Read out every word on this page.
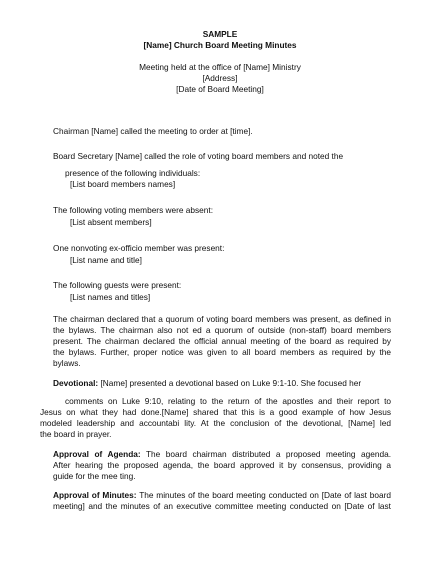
SAMPLE
[Name] Church Board Meeting Minutes
Meeting held at the office of [Name] Ministry
[Address]
[Date of Board Meeting]
Chairman [Name] called the meeting to order at [time].
Board Secretary [Name] called the role of voting board members and noted the
presence of the following individuals:
[List board members names]
The following voting members were absent:
[List absent members]
One nonvoting ex-officio member was present:
[List name and title]
The following guests were present:
[List names and titles]
The chairman declared that a quorum of voting board members was present, as defined in
the bylaws. The chairman also not ed a quorum of outside (non-staff) board members
present. The chairman declared the official annual meeting of the board as required by
the bylaws. Further, proper notice was given to all board members as required by the
bylaws.
Devotional: [Name] presented a devotional based on Luke 9:1-10. She focused her
comments on Luke 9:10, relating to the return of the apostles and their report to
Jesus on what they had done.[Name] shared that this is a good example of how Jesus
modeled leadership and accountabi lity. At the conclusion of the devotional, [Name] led
the board in prayer.
Approval of Agenda: The board chairman distributed a proposed meeting agenda.
After hearing the proposed agenda, the board approved it by consensus, providing a
guide for the mee ting.
Approval of Minutes: The minutes of the board meeting conducted on [Date of last board
meeting] and the minutes of an executive committee meeting conducted on [Date of last
